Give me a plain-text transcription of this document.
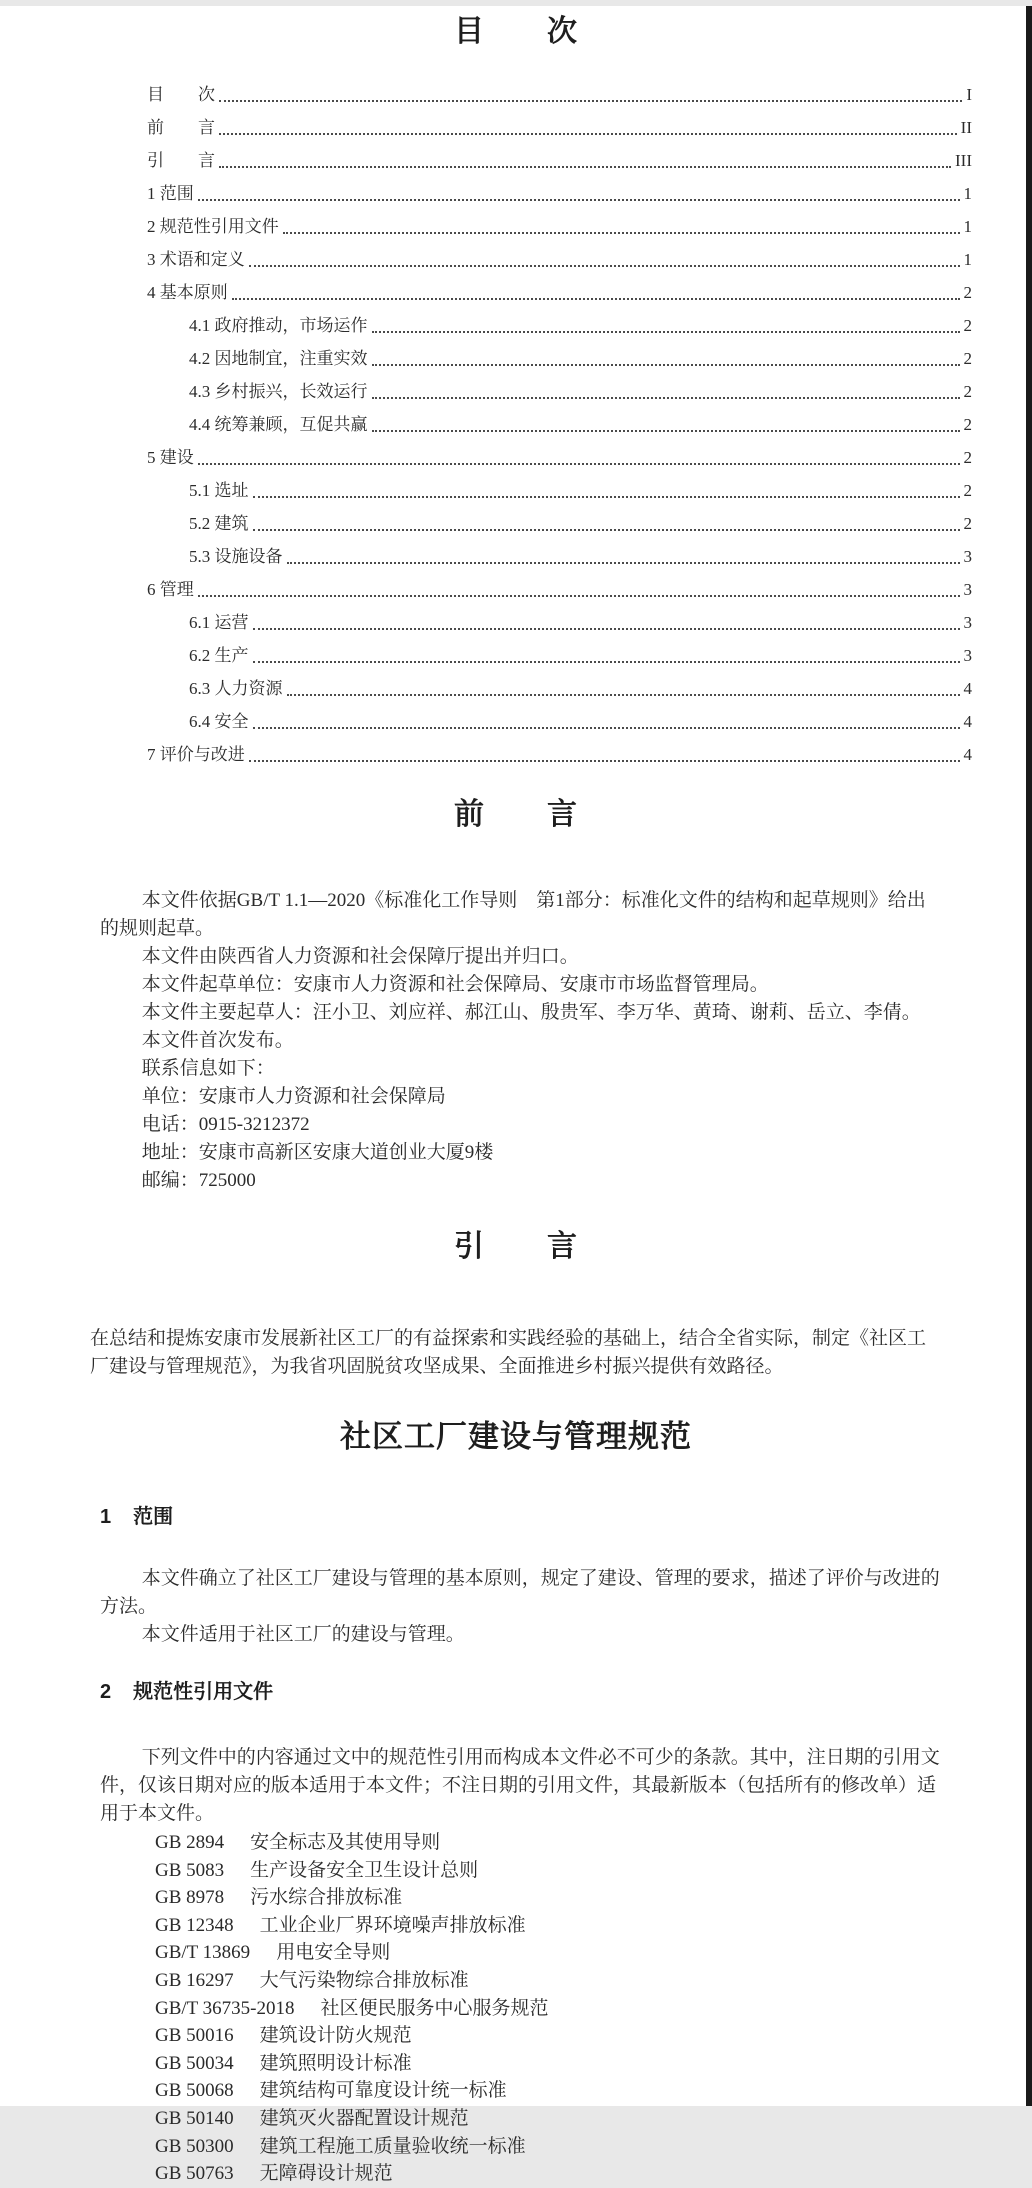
目　　次
目　　次	I
前　　言	II
引　　言	III
1 范围	1
2 规范性引用文件	1
3 术语和定义	1
4 基本原则	2
4.1 政府推动，市场运作	2
4.2 因地制宜，注重实效	2
4.3 乡村振兴，长效运行	2
4.4 统筹兼顾，互促共赢	2
5 建设	2
5.1 选址	2
5.2 建筑	2
5.3 设施设备	3
6 管理	3
6.1 运营	3
6.2 生产	3
6.3 人力资源	4
6.4 安全	4
7 评价与改进	4
前　　言

本文件依据GB/T 1.1—2020《标准化工作导则　第1部分：标准化文件的结构和起草规则》给出的规则起草。

本文件由陕西省人力资源和社会保障厅提出并归口。

本文件起草单位：安康市人力资源和社会保障局、安康市市场监督管理局。

本文件主要起草人：汪小卫、刘应祥、郝江山、殷贵军、李万华、黄琦、谢莉、岳立、李倩。

本文件首次发布。

联系信息如下：

单位：安康市人力资源和社会保障局

电话：0915-3212372

地址：安康市高新区安康大道创业大厦9楼

邮编：725000

引　　言

在总结和提炼安康市发展新社区工厂的有益探索和实践经验的基础上，结合全省实际，制定《社区工厂建设与管理规范》，为我省巩固脱贫攻坚成果、全面推进乡村振兴提供有效路径。

社区工厂建设与管理规范
1 范围

本文件确立了社区工厂建设与管理的基本原则，规定了建设、管理的要求，描述了评价与改进的方法。

本文件适用于社区工厂的建设与管理。

2 规范性引用文件

下列文件中的内容通过文中的规范性引用而构成本文件必不可少的条款。其中，注日期的引用文件，仅该日期对应的版本适用于本文件；不注日期的引用文件，其最新版本（包括所有的修改单）适用于本文件。

GB 2894 安全标志及其使用导则
GB 5083 生产设备安全卫生设计总则
GB 8978 污水综合排放标准
GB 12348 工业企业厂界环境噪声排放标准
GB/T 13869 用电安全导则
GB 16297 大气污染物综合排放标准
GB/T 36735-2018 社区便民服务中心服务规范
GB 50016 建筑设计防火规范
GB 50034 建筑照明设计标准
GB 50068 建筑结构可靠度设计统一标准
GB 50140 建筑灭火器配置设计规范
GB 50300 建筑工程施工质量验收统一标准
GB 50763 无障碍设计规范
